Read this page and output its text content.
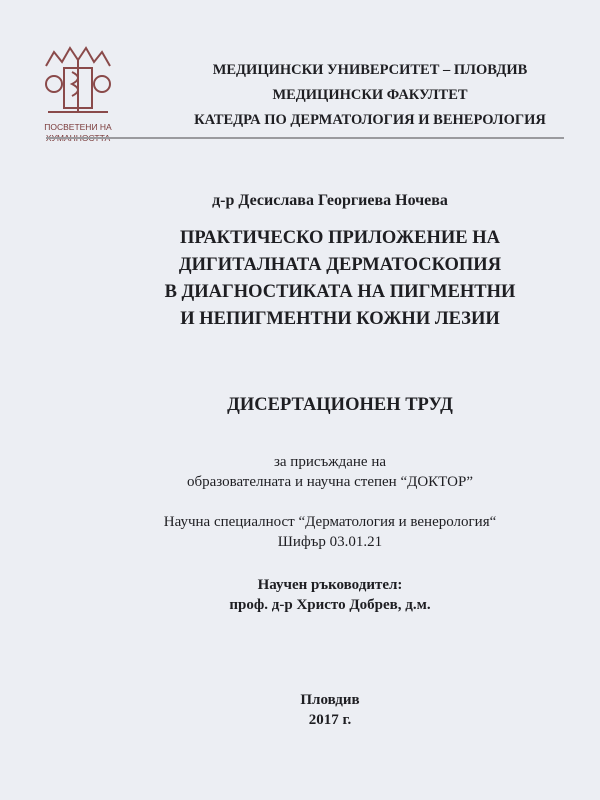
ПОСВЕТЕНИ НА
МЕДИЦИНСКИ УНИВЕРСИТЕТ – ПЛОВДИВ
МЕДИЦИНСКИ ФАКУЛТЕТ
КАТЕДРА ПО ДЕРМАТОЛОГИЯ И ВЕНЕРОЛОГИЯ
д-р Десислава Георгиева Ночева
ПРАКТИЧЕСКО ПРИЛОЖЕНИЕ НА
ДИГИТАЛНАТА ДЕРМАТОСКОПИЯ
В ДИАГНОСТИКАТА НА ПИГМЕНТНИ
И НЕПИГМЕНТНИ КОЖНИ ЛЕЗИИ
ДИСЕРТАЦИОНЕН ТРУД
за присъждане на
образователната и научна степен “ДОКТОР”
Научна специалност “Дерматология и венерология“
Шифър 03.01.21
Научен ръководител:
проф. д-р Христо Добрев, д.м.
Пловдив
2017 г.
